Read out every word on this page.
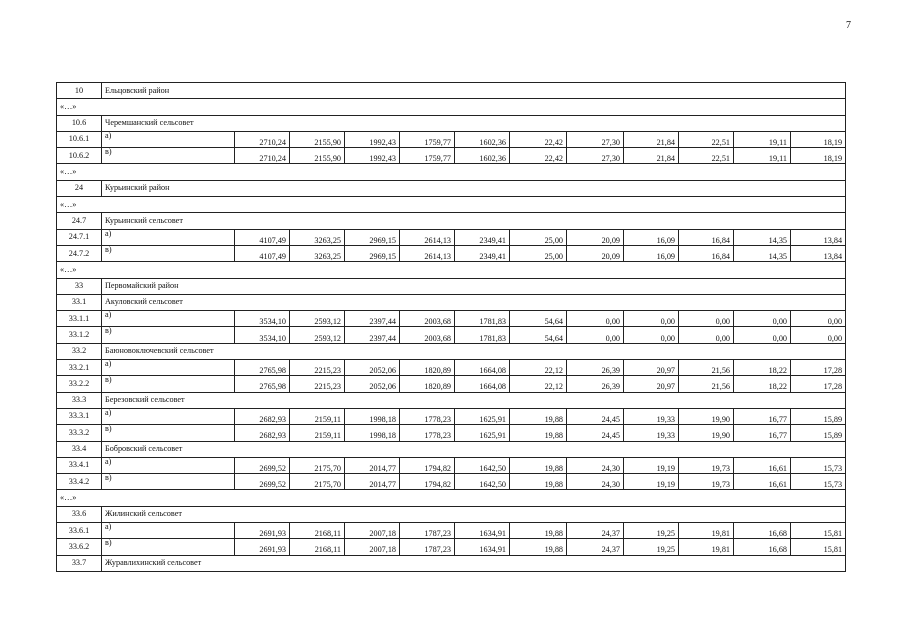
7
10	Ельцовский район											
«…»												
10.6	Черемшанский сельсовет											
10.6.1	а)	2710,24	2155,90	1992,43	1759,77	1602,36	22,42	27,30	21,84	22,51	19,11	18,19
10.6.2	в)	2710,24	2155,90	1992,43	1759,77	1602,36	22,42	27,30	21,84	22,51	19,11	18,19
«…»												
24	Курьинский район											
«…»												
24.7	Курьинский сельсовет											
24.7.1	а)	4107,49	3263,25	2969,15	2614,13	2349,41	25,00	20,09	16,09	16,84	14,35	13,84
24.7.2	в)	4107,49	3263,25	2969,15	2614,13	2349,41	25,00	20,09	16,09	16,84	14,35	13,84
«…»												
33	Первомайский район											
33.1	Акуловский сельсовет											
33.1.1	а)	3534,10	2593,12	2397,44	2003,68	1781,83	54,64	0,00	0,00	0,00	0,00	0,00
33.1.2	в)	3534,10	2593,12	2397,44	2003,68	1781,83	54,64	0,00	0,00	0,00	0,00	0,00
33.2	Баюновоключевский сельсовет											
33.2.1	а)	2765,98	2215,23	2052,06	1820,89	1664,08	22,12	26,39	20,97	21,56	18,22	17,28
33.2.2	в)	2765,98	2215,23	2052,06	1820,89	1664,08	22,12	26,39	20,97	21,56	18,22	17,28
33.3	Березовский сельсовет											
33.3.1	а)	2682,93	2159,11	1998,18	1778,23	1625,91	19,88	24,45	19,33	19,90	16,77	15,89
33.3.2	в)	2682,93	2159,11	1998,18	1778,23	1625,91	19,88	24,45	19,33	19,90	16,77	15,89
33.4	Бобровский сельсовет											
33.4.1	а)	2699,52	2175,70	2014,77	1794,82	1642,50	19,88	24,30	19,19	19,73	16,61	15,73
33.4.2	в)	2699,52	2175,70	2014,77	1794,82	1642,50	19,88	24,30	19,19	19,73	16,61	15,73
«…»												
33.6	Жилинский сельсовет											
33.6.1	а)	2691,93	2168,11	2007,18	1787,23	1634,91	19,88	24,37	19,25	19,81	16,68	15,81
33.6.2	в)	2691,93	2168,11	2007,18	1787,23	1634,91	19,88	24,37	19,25	19,81	16,68	15,81
33.7	Журавлихинский сельсовет											
